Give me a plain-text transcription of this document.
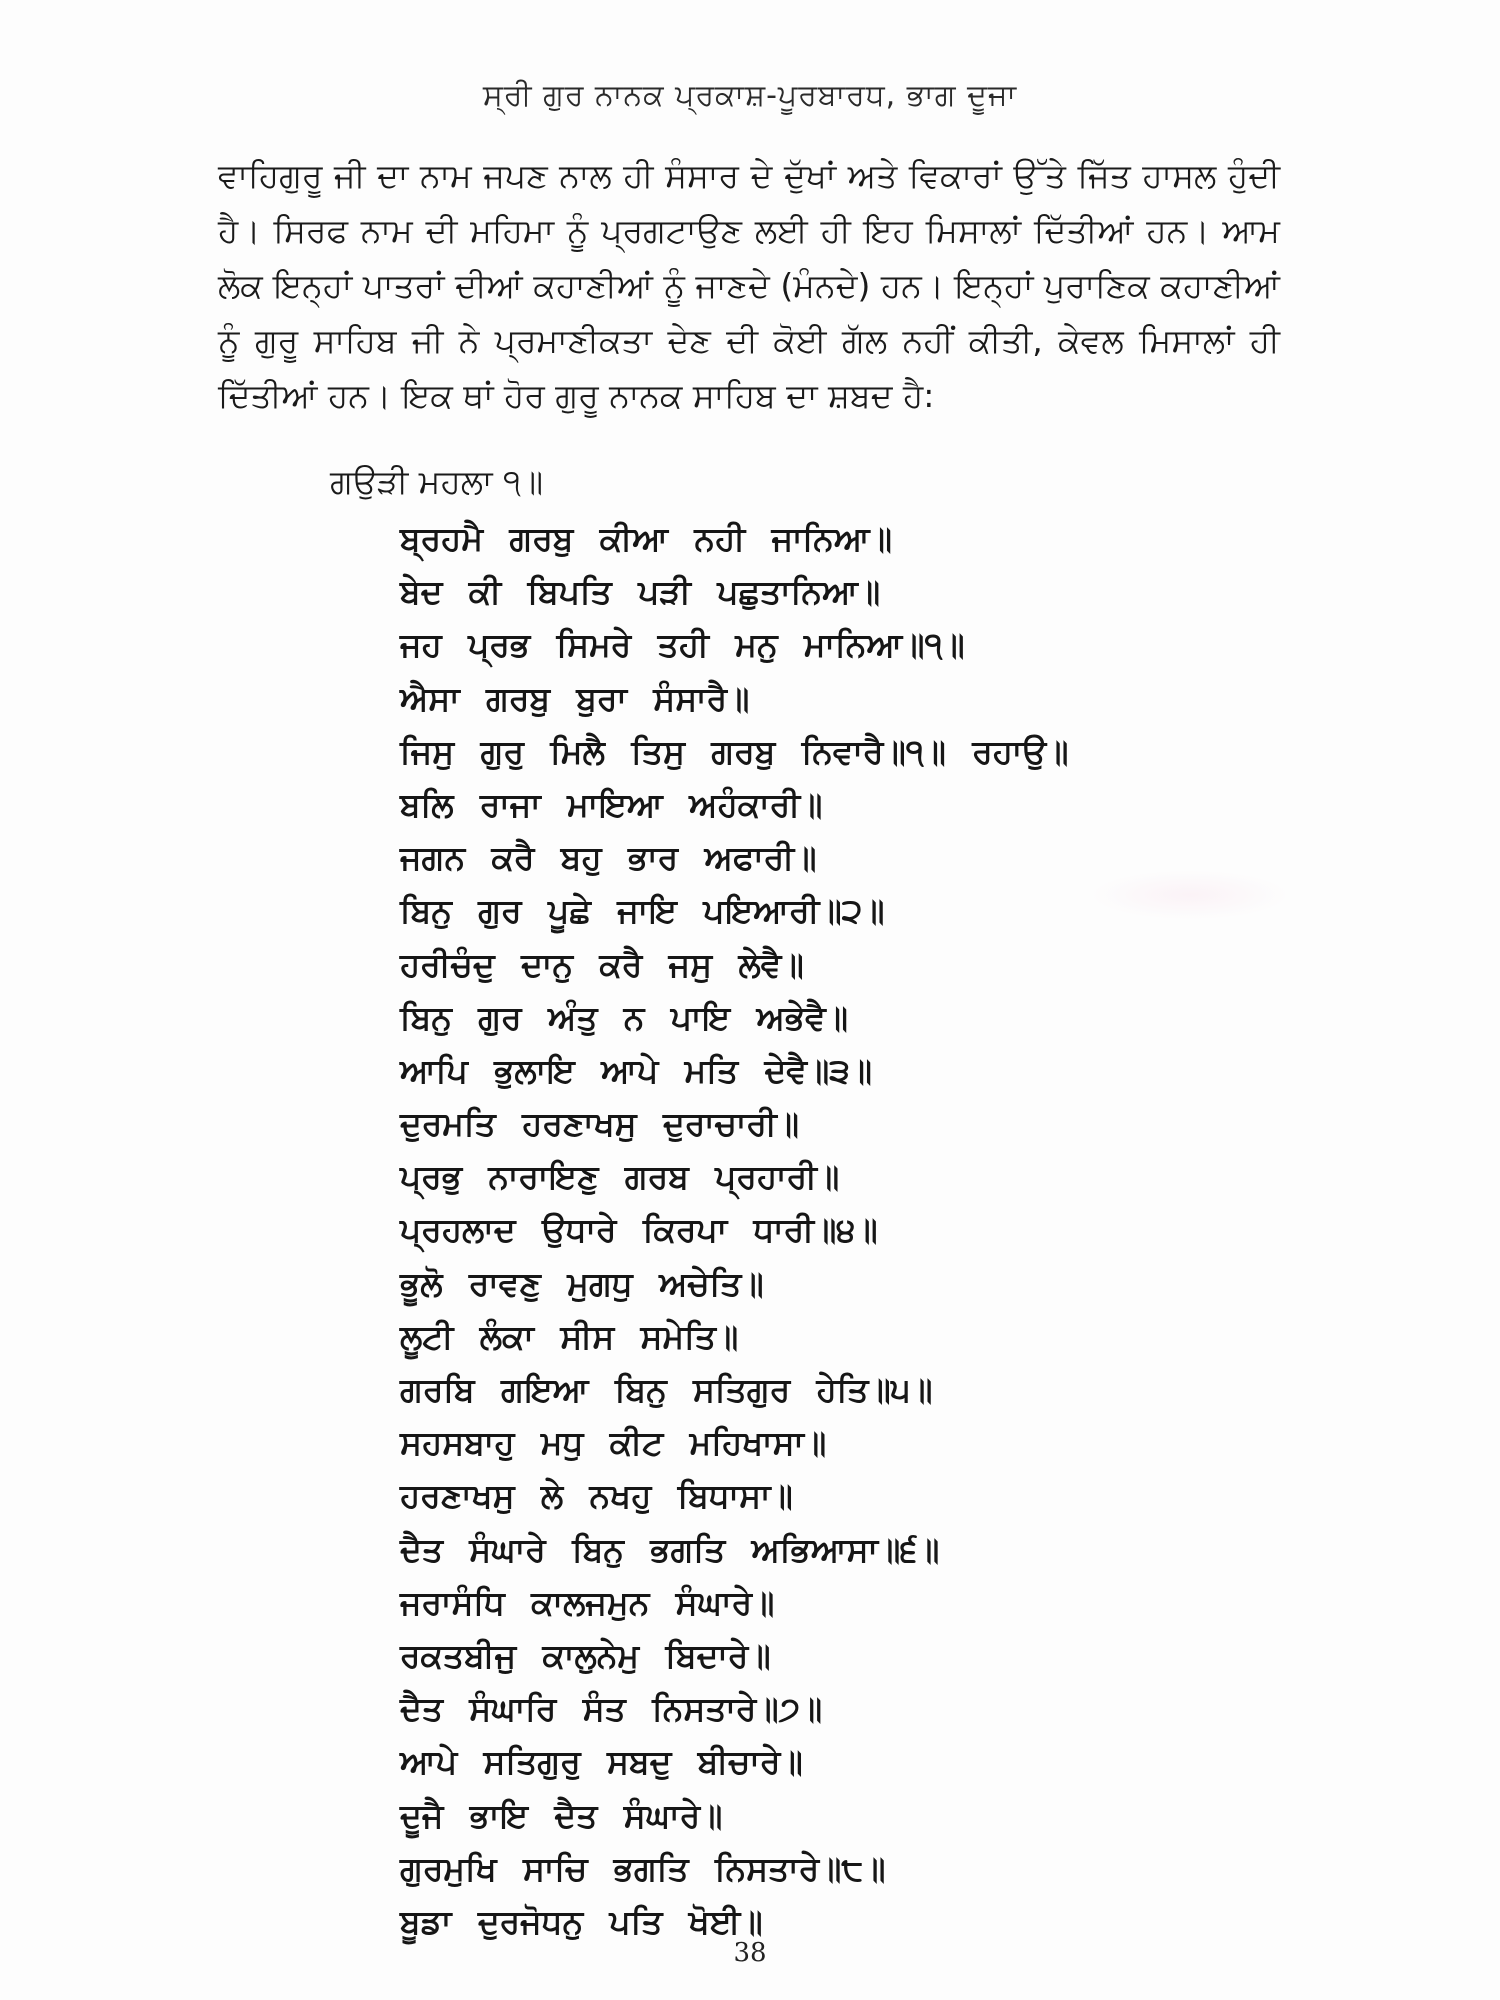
ਸ੍ਰੀ ਗੁਰ ਨਾਨਕ ਪ੍ਰਕਾਸ਼-ਪੂਰਬਾਰਧ, ਭਾਗ ਦੂਜਾ
ਵਾਹਿਗੁਰੂ ਜੀ ਦਾ ਨਾਮ ਜਪਣ ਨਾਲ ਹੀ ਸੰਸਾਰ ਦੇ ਦੁੱਖਾਂ ਅਤੇ ਵਿਕਾਰਾਂ ਉੱਤੇ ਜਿੱਤ ਹਾਸਲ ਹੁੰਦੀ ਹੈ। ਸਿਰਫ ਨਾਮ ਦੀ ਮਹਿਮਾ ਨੂੰ ਪ੍ਰਗਟਾਉਣ ਲਈ ਹੀ ਇਹ ਮਿਸਾਲਾਂ ਦਿੱਤੀਆਂ ਹਨ। ਆਮ ਲੋਕ ਇਨ੍ਹਾਂ ਪਾਤਰਾਂ ਦੀਆਂ ਕਹਾਣੀਆਂ ਨੂੰ ਜਾਣਦੇ (ਮੰਨਦੇ) ਹਨ। ਇਨ੍ਹਾਂ ਪੁਰਾਣਿਕ ਕਹਾਣੀਆਂ ਨੂੰ ਗੁਰੂ ਸਾਹਿਬ ਜੀ ਨੇ ਪ੍ਰਮਾਣੀਕਤਾ ਦੇਣ ਦੀ ਕੋਈ ਗੱਲ ਨਹੀਂ ਕੀਤੀ, ਕੇਵਲ ਮਿਸਾਲਾਂ ਹੀ ਦਿੱਤੀਆਂ ਹਨ। ਇਕ ਥਾਂ ਹੋਰ ਗੁਰੂ ਨਾਨਕ ਸਾਹਿਬ ਦਾ ਸ਼ਬਦ ਹੈ:
ਗਉੜੀ ਮਹਲਾ ੧॥
ਬ੍ਰਹਮੈ ਗਰਬੁ ਕੀਆ ਨਹੀ ਜਾਨਿਆ॥
ਬੇਦ ਕੀ ਬਿਪਤਿ ਪੜੀ ਪਛੁਤਾਨਿਆ॥
ਜਹ ਪ੍ਰਭ ਸਿਮਰੇ ਤਹੀ ਮਨੁ ਮਾਨਿਆ॥੧॥
ਐਸਾ ਗਰਬੁ ਬੁਰਾ ਸੰਸਾਰੈ॥
ਜਿਸੁ ਗੁਰੁ ਮਿਲੈ ਤਿਸੁ ਗਰਬੁ ਨਿਵਾਰੈ॥੧॥ ਰਹਾਉ॥
ਬਲਿ ਰਾਜਾ ਮਾਇਆ ਅਹੰਕਾਰੀ॥
ਜਗਨ ਕਰੈ ਬਹੁ ਭਾਰ ਅਫਾਰੀ॥
ਬਿਨੁ ਗੁਰ ਪੂਛੇ ਜਾਇ ਪਇਆਰੀ॥੨॥
ਹਰੀਚੰਦੁ ਦਾਨੁ ਕਰੈ ਜਸੁ ਲੇਵੈ॥
ਬਿਨੁ ਗੁਰ ਅੰਤੁ ਨ ਪਾਇ ਅਭੇਵੈ॥
ਆਪਿ ਭੁਲਾਇ ਆਪੇ ਮਤਿ ਦੇਵੈ॥੩॥
ਦੁਰਮਤਿ ਹਰਣਾਖਸੁ ਦੁਰਾਚਾਰੀ॥
ਪ੍ਰਭੁ ਨਾਰਾਇਣੁ ਗਰਬ ਪ੍ਰਹਾਰੀ॥
ਪ੍ਰਹਲਾਦ ਉਧਾਰੇ ਕਿਰਪਾ ਧਾਰੀ॥੪॥
ਭੂਲੋ ਰਾਵਣੁ ਮੁਗਧੁ ਅਚੇਤਿ॥
ਲੂਟੀ ਲੰਕਾ ਸੀਸ ਸਮੇਤਿ॥
ਗਰਬਿ ਗਇਆ ਬਿਨੁ ਸਤਿਗੁਰ ਹੇਤਿ॥੫॥
ਸਹਸਬਾਹੁ ਮਧੁ ਕੀਟ ਮਹਿਖਾਸਾ॥
ਹਰਣਾਖਸੁ ਲੇ ਨਖਹੁ ਬਿਧਾਸਾ॥
ਦੈਤ ਸੰਘਾਰੇ ਬਿਨੁ ਭਗਤਿ ਅਭਿਆਸਾ॥੬॥
ਜਰਾਸੰਧਿ ਕਾਲਜਮੁਨ ਸੰਘਾਰੇ॥
ਰਕਤਬੀਜੁ ਕਾਲੁਨੇਮੁ ਬਿਦਾਰੇ॥
ਦੈਤ ਸੰਘਾਰਿ ਸੰਤ ਨਿਸਤਾਰੇ॥੭॥
ਆਪੇ ਸਤਿਗੁਰੁ ਸਬਦੁ ਬੀਚਾਰੇ॥
ਦੂਜੈ ਭਾਇ ਦੈਤ ਸੰਘਾਰੇ॥
ਗੁਰਮੁਖਿ ਸਾਚਿ ਭਗਤਿ ਨਿਸਤਾਰੇ॥੮॥
ਬੂਡਾ ਦੁਰਜੋਧਨੁ ਪਤਿ ਖੋਈ॥
38
